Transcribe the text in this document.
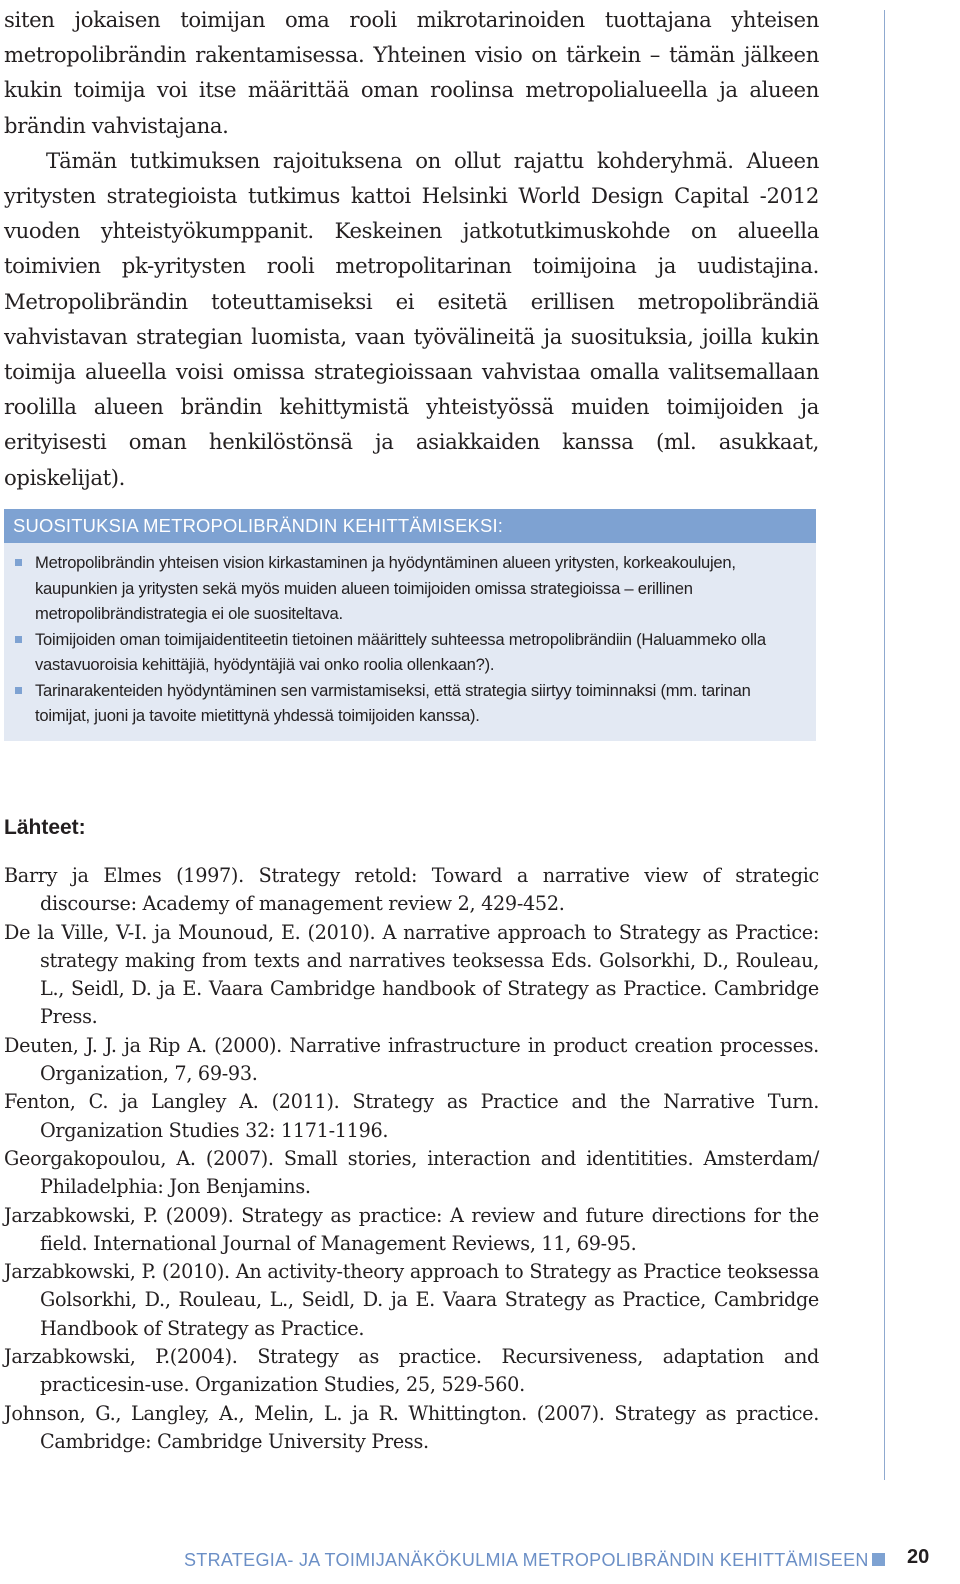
siten jokaisen toimijan oma rooli mikrotarinoiden tuottajana yhteisen metropolibrändin rakentamisessa. Yhteinen visio on tärkein – tämän jälkeen kukin toimija voi itse määrittää oman roolinsa metropolialueella ja alueen brändin vahvistajana.

Tämän tutkimuksen rajoituksena on ollut rajattu kohderyhmä. Alueen yritysten strategioista tutkimus kattoi Helsinki World Design Capital -2012 vuoden yhteistyökumppanit. Keskeinen jatkotutkimuskohde on alueella toimivien pk-yritysten rooli metropolitarinan toimijoina ja uudistajina. Metropolibrändin toteuttamiseksi ei esitetä erillisen metropolibrändiä vahvistavan strategian luomista, vaan työvälineitä ja suosituksia, joilla kukin toimija alueella voisi omissa strategioissaan vahvistaa omalla valitsemallaan roolilla alueen brändin kehittymistä yhteistyössä muiden toimijoiden ja erityisesti oman henkilöstönsä ja asiakkaiden kanssa (ml. asukkaat, opiskelijat).

SUOSITUKSIA METROPOLIBRÄNDIN KEHITTÄMISEKSI:
Metropolibrändin yhteisen vision kirkastaminen ja hyödyntäminen alueen yritysten, korkeakoulujen, kaupunkien ja yritysten sekä myös muiden alueen toimijoiden omissa strategioissa – erillinen metropolibrändistrategia ei ole suositeltava.
Toimijoiden oman toimijaidentiteetin tietoinen määrittely suhteessa metropolibrändiin (Haluammeko olla vastavuoroisia kehittäjiä, hyödyntäjiä vai onko roolia ollenkaan?).
Tarinarakenteiden hyödyntäminen sen varmistamiseksi, että strategia siirtyy toiminnaksi (mm. tarinan toimijat, juoni ja tavoite mietittynä yhdessä toimijoiden kanssa).
Lähteet:

Barry ja Elmes (1997). Strategy retold: Toward a narrative view of strategic discourse: Academy of management review 2, 429-452.

De la Ville, V-I. ja Mounoud, E. (2010). A narrative approach to Strategy as Practice: strategy making from texts and narratives teoksessa Eds. Golsorkhi, D., Rouleau, L., Seidl, D. ja E. Vaara Cambridge handbook of Strategy as Practice. Cambridge Press.

Deuten, J. J. ja Rip A. (2000). Narrative infrastructure in product creation processes. Organization, 7, 69-93.

Fenton, C. ja Langley A. (2011). Strategy as Practice and the Narrative Turn. Organization Studies 32: 1171-1196.

Georgakopoulou, A. (2007). Small stories, interaction and identitities. Amsterdam/ Philadelphia: Jon Benjamins.

Jarzabkowski, P. (2009). Strategy as practice: A review and future directions for the field. International Journal of Management Reviews, 11, 69-95.

Jarzabkowski, P. (2010). An activity-theory approach to Strategy as Practice teoksessa Golsorkhi, D., Rouleau, L., Seidl, D. ja E. Vaara Strategy as Practice, Cambridge Handbook of Strategy as Practice.

Jarzabkowski, P.(2004). Strategy as practice. Recursiveness, adaptation and practicesin-use. Organization Studies, 25, 529-560.

Johnson, G., Langley, A., Melin, L. ja R. Whittington. (2007). Strategy as practice. Cambridge: Cambridge University Press.

STRATEGIA- JA TOIMIJANÄKÖKULMIA METROPOLIBRÄNDIN KEHITTÄMISEEN 20
